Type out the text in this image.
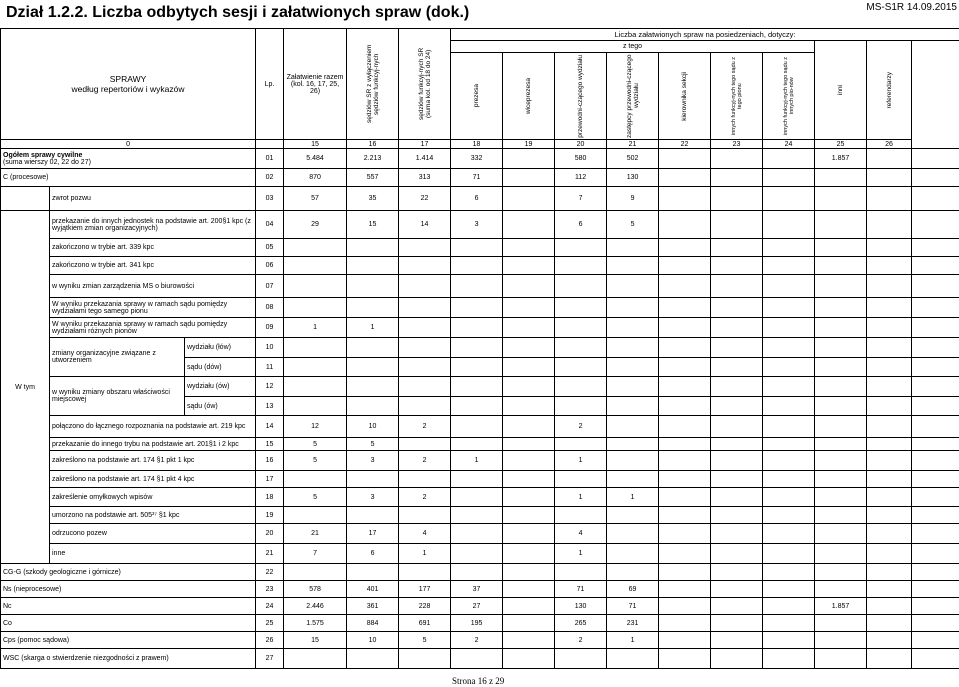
Dział 1.2.2. Liczba odbytych sesji i załatwionych spraw (dok.)	MS-S1R 14.09.2015
SPRAWY
według repertoriów i wykazów			Lp.	Załatwienie razem (kol. 16, 17, 25, 26)	sędziów SR z wyłączeniem sędziów funkcyj-nych	sędziów funkcyj-nych SR (suma kol. od 18 do 24)	Liczba załatwionych spraw na posiedzeniach, dotyczy:									
							z tego							inni	referendarzy	

							prezesa	wiceprezesa	przewodni-czącego wydziału	zastępcy przewodni-czącego wydziału	kierownika sekcji	innych funkcyj-nych tego sądu z tego pionu	innych funkcyj-nych tego sądu z innych pio-nów			

0				15	16	17	18	19	20	21	22	23	24	25	26	

Ogółem sprawy cywilne
(suma wierszy 02, 22 do 27)			01	5.484	2.213	1.414	332		580	502				1.857		
C (procesowe)			02	870	557	313	71		112	130						
	zwrot pozwu		03	57	35	22	6		7	9						
W tym	przekazanie do innych jednostek na podstawie art. 200§1 kpc (z wyjątkiem zmian organizacyjnych)		04	29	15	14	3		6	5						
	zakończono w trybie art. 339 kpc		05													
	zakończono w trybie art. 341 kpc		06													
	w wyniku zmian zarządzenia MS o biurowości		07													
	W wyniku przekazania sprawy w ramach sądu pomiędzy wydziałami tego samego pionu		08													
	W wyniku przekazania sprawy w ramach sądu pomiędzy wydziałami różnych pionów		09	1	1											
	zmiany organizacyjne związane z utworzeniem	wydziału (łów)	10													
		sądu (dów)	11													
	w wyniku zmiany obszaru właściwości miejscowej	wydziału (ów)	12													
		sądu (ów)	13													
	połączono do łącznego rozpoznania na podstawie art. 219 kpc		14	12	10	2			2							
	przekazanie do innego trybu na podstawie art. 201§1 i 2 kpc		15	5	5											
	zakreślono na podstawie art. 174 §1 pkt 1 kpc		16	5	3	2	1		1							
	zakreślono na podstawie art. 174 §1 pkt 4 kpc		17													
	zakreślenie omyłkowych wpisów		18	5	3	2			1	1						
	umorzono na podstawie art. 505³⁷ §1 kpc		19													
	odrzucono pozew		20	21	17	4			4							
	inne		21	7	6	1			1							
CG-G (szkody geologiczne i górnicze)			22													
Ns (nieprocesowe)			23	578	401	177	37		71	69						
Nc			24	2.446	361	228	27		130	71				1.857		
Co			25	1.575	884	691	195		265	231						
Cps (pomoc sądowa)			26	15	10	5	2		2	1						
WSC (skarga o stwierdzenie niezgodności z prawem)			27													
Strona 16 z 29
